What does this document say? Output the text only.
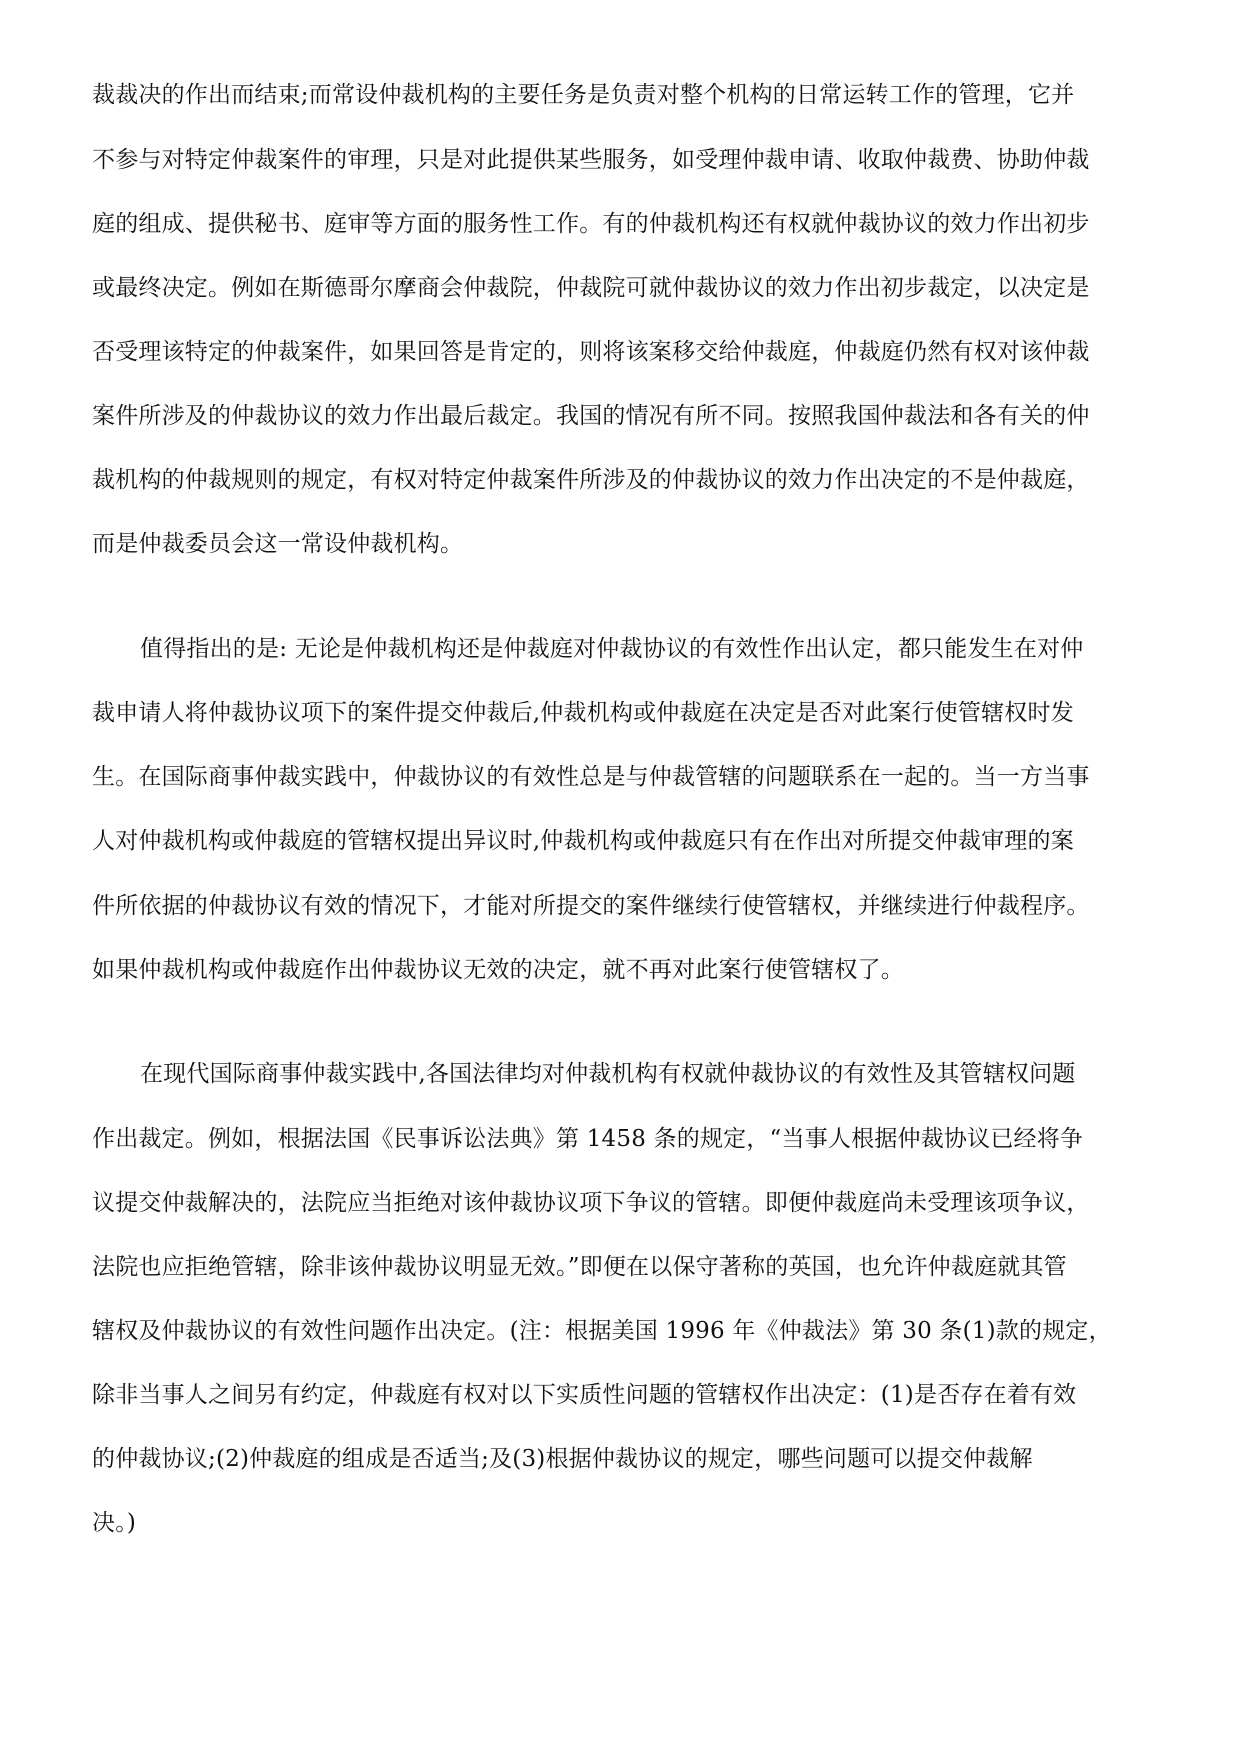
裁裁决的作出而结束;而常设仲裁机构的主要任务是负责对整个机构的日常运转工作的管理，它并
不参与对特定仲裁案件的审理，只是对此提供某些服务，如受理仲裁申请、收取仲裁费、协助仲裁
庭的组成、提供秘书、庭审等方面的服务性工作。有的仲裁机构还有权就仲裁协议的效力作出初步
或最终决定。例如在斯德哥尔摩商会仲裁院，仲裁院可就仲裁协议的效力作出初步裁定，以决定是
否受理该特定的仲裁案件，如果回答是肯定的，则将该案移交给仲裁庭，仲裁庭仍然有权对该仲裁
案件所涉及的仲裁协议的效力作出最后裁定。我国的情况有所不同。按照我国仲裁法和各有关的仲
裁机构的仲裁规则的规定，有权对特定仲裁案件所涉及的仲裁协议的效力作出决定的不是仲裁庭，
而是仲裁委员会这一常设仲裁机构。
值得指出的是: 无论是仲裁机构还是仲裁庭对仲裁协议的有效性作出认定，都只能发生在对仲
裁申请人将仲裁协议项下的案件提交仲裁后,仲裁机构或仲裁庭在决定是否对此案行使管辖权时发
生。在国际商事仲裁实践中，仲裁协议的有效性总是与仲裁管辖的问题联系在一起的。当一方当事
人对仲裁机构或仲裁庭的管辖权提出异议时,仲裁机构或仲裁庭只有在作出对所提交仲裁审理的案
件所依据的仲裁协议有效的情况下，才能对所提交的案件继续行使管辖权，并继续进行仲裁程序。
如果仲裁机构或仲裁庭作出仲裁协议无效的决定，就不再对此案行使管辖权了。
在现代国际商事仲裁实践中,各国法律均对仲裁机构有权就仲裁协议的有效性及其管辖权问题
作出裁定。例如，根据法国《民事诉讼法典》第 1458 条的规定，“当事人根据仲裁协议已经将争
议提交仲裁解决的，法院应当拒绝对该仲裁协议项下争议的管辖。即便仲裁庭尚未受理该项争议，
法院也应拒绝管辖，除非该仲裁协议明显无效。”即便在以保守著称的英国，也允许仲裁庭就其管
辖权及仲裁协议的有效性问题作出决定。(注：根据美国 1996 年《仲裁法》第 30 条(1)款的规定，
除非当事人之间另有约定，仲裁庭有权对以下实质性问题的管辖权作出决定：(1)是否存在着有效
的仲裁协议;(2)仲裁庭的组成是否适当;及(3)根据仲裁协议的规定，哪些问题可以提交仲裁解
决。)
